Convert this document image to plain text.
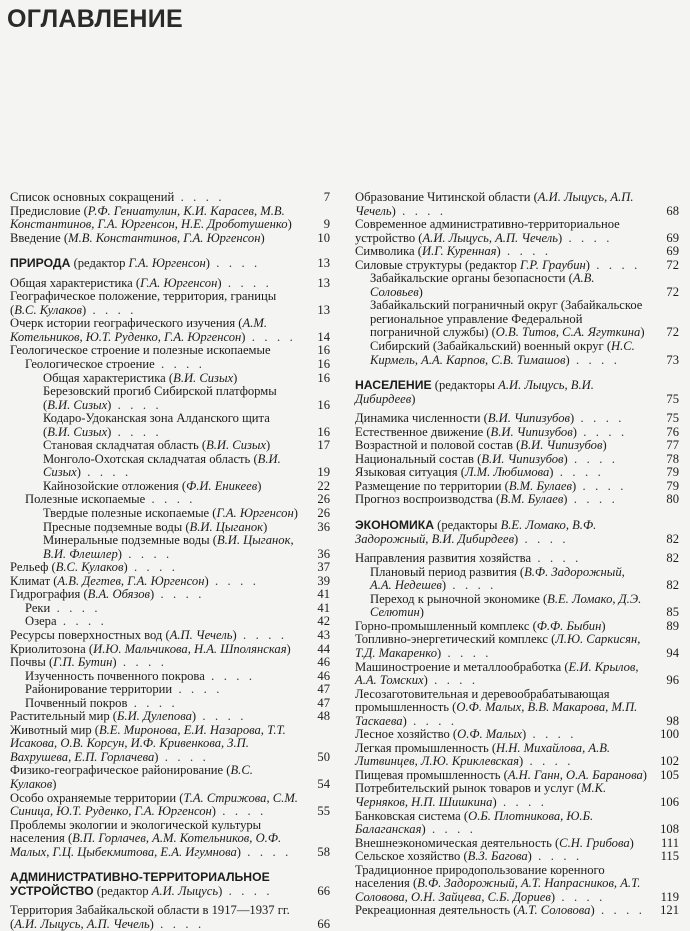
ОГЛАВЛЕНИЕ
Список основных сокращений  .   .   .   .	7
Предисловие (Р.Ф. Гениатулин, К.И. Карасев, М.В. Константинов, Г.А. Юргенсон, Н.Е. Дроботушенко)	9
Введение (М.В. Константинов, Г.А. Юргенсон)	10
ПРИРОДА (редактор Г.А. Юргенсон)  .   .   .   .	13
Общая характеристика (Г.А. Юргенсон)  .   .   .   .	13
Географическое положение, территория, границы (В.С. Кулаков)  .   .   .   .	13
Очерк истории географического изучения (А.М. Котельников, Ю.Т. Руденко, Г.А. Юргенсон)  .   .   .   .	14
Геологическое строение и полезные ископаемые	16
Геологическое строение  .   .   .   .	16
Общая характеристика (В.И. Сизых)	16
Березовский прогиб Сибирской платформы (В.И. Сизых)  .   .   .   .	16
Кодаро-Удоканская зона Алданского щита (В.И. Сизых)  .   .   .   .	16
Становая складчатая область (В.И. Сизых)	17
Монголо-Охотская складчатая область (В.И. Сизых)  .   .   .   .	19
Кайнозойские отложения (Ф.И. Еникеев)	22
Полезные ископаемые  .   .   .   .	26
Твердые полезные ископаемые (Г.А. Юргенсон)	26
Пресные подземные воды (В.И. Цыганок)	36
Минеральные подземные воды (В.И. Цыганок, В.И. Флешлер)  .   .   .   .	36
Рельеф (В.С. Кулаков)  .   .   .   .	37
Климат (А.В. Дегтев, Г.А. Юргенсон)  .   .   .   .	39
Гидрография (В.А. Обязов)  .   .   .   .	41
Реки  .   .   .   .	41
Озера  .   .   .   .	42
Ресурсы поверхностных вод (А.П. Чечель)  .   .   .   .	43
Криолитозона (И.Ю. Мальчикова, Н.А. Шполянская)	44
Почвы (Г.П. Бутин)  .   .   .   .	46
Изученность почвенного покрова  .   .   .   .	46
Районирование территории  .   .   .   .	47
Почвенный покров  .   .   .   .	47
Растительный мир (Б.И. Дулепова)  .   .   .   .	48
Животный мир (В.Е. Миронова, Е.И. Назарова, Т.Т. Исакова, О.В. Корсун, И.Ф. Кривенкова, З.П. Вахрушева, Е.П. Горлачева)  .   .   .   .	50
Физико-географическое районирование (В.С. Кулаков)	54
Особо охраняемые территории (Т.А. Стрижова, С.М. Синица, Ю.Т. Руденко, Г.А. Юргенсон)  .   .   .   .	55
Проблемы экологии и экологической культуры населения (В.П. Горлачев, А.М. Котельников, О.Ф. Малых, Г.Ц. Цыбекмитова, Е.А. Игумнова)  .   .   .   .	58
АДМИНИСТРАТИВНО-ТЕРРИТОРИАЛЬНОЕ УСТРОЙСТВО (редактор А.И. Лыцусь)  .   .   .   .	66
Территория Забайкальской области в 1917—1937 гг. (А.И. Лыцусь, А.П. Чечель)  .   .   .   .	66
Образование Читинской области (А.И. Лыцусь, А.П. Чечель)  .   .   .   .	68
Современное административно-территориальное устройство (А.И. Лыцусь, А.П. Чечель)  .   .   .   .	69
Символика (И.Г. Куренная)  .   .   .   .	69
Силовые структуры (редактор Г.Р. Граубин)  .   .   .   .	72
Забайкальские органы безопасности (А.В. Соловьев)	72
Забайкальский пограничный округ (Забайкальское региональное управление Федеральной пограничной службы) (О.В. Титов, С.А. Ягуткина)	72
Сибирский (Забайкальский) военный округ (Н.С. Кирмель, А.А. Карпов, С.В. Тимашов)  .   .   .   .	73
НАСЕЛЕНИЕ (редакторы А.И. Лыцусь, В.И. Дибирдеев)	75
Динамика численности (В.И. Чипизубов)  .   .   .   .	75
Естественное движение (В.И. Чипизубов)  .   .   .   .	76
Возрастной и половой состав (В.И. Чипизубов)	77
Национальный состав (В.И. Чипизубов)  .   .   .   .	78
Языковая ситуация (Л.М. Любимова)  .   .   .   .	79
Размещение по территории (В.М. Булаев)  .   .   .   .	79
Прогноз воспроизводства (В.М. Булаев)  .   .   .   .	80
ЭКОНОМИКА (редакторы В.Е. Ломако, В.Ф. Задорожный, В.И. Дибирдеев)  .   .   .   .	82
Направления развития хозяйства  .   .   .   .	82
Плановый период развития (В.Ф. Задорожный, А.А. Недешев)  .   .   .   .	82
Переход к рыночной экономике (В.Е. Ломако, Д.Э. Селютин)	85
Горно-промышленный комплекс (Ф.Ф. Быбин)	89
Топливно-энергетический комплекс (Л.Ю. Саркисян, Т.Д. Макаренко)  .   .   .   .	94
Машиностроение и металлообработка (Е.И. Крылов, А.А. Томских)  .   .   .   .	96
Лесозаготовительная и деревообрабатывающая промышленность (О.Ф. Малых, В.В. Макарова, М.П. Таскаева)  .   .   .   .	98
Лесное хозяйство (О.Ф. Малых)  .   .   .   .	100
Легкая промышленность (Н.Н. Михайлова, А.В. Литвинцев, Л.Ю. Криклевская)  .   .   .   .	102
Пищевая промышленность (А.Н. Ганн, О.А. Баранова)	105
Потребительский рынок товаров и услуг (М.К. Черняков, Н.П. Шишкина)  .   .   .   .	106
Банковская система (О.Б. Плотникова, Ю.Б. Балаганская)  .   .   .   .	108
Внешнеэкономическая деятельность (С.Н. Грибова)	111
Сельское хозяйство (В.З. Багова)  .   .   .   .	115
Традиционное природопользование коренного населения (В.Ф. Задорожный, А.Т. Напрасников, А.Т. Соловова, О.Н. Зайцева, С.Б. Дориев)  .   .   .   .	119
Рекреационная деятельность (А.Т. Соловова)  .   .   .   .	121
